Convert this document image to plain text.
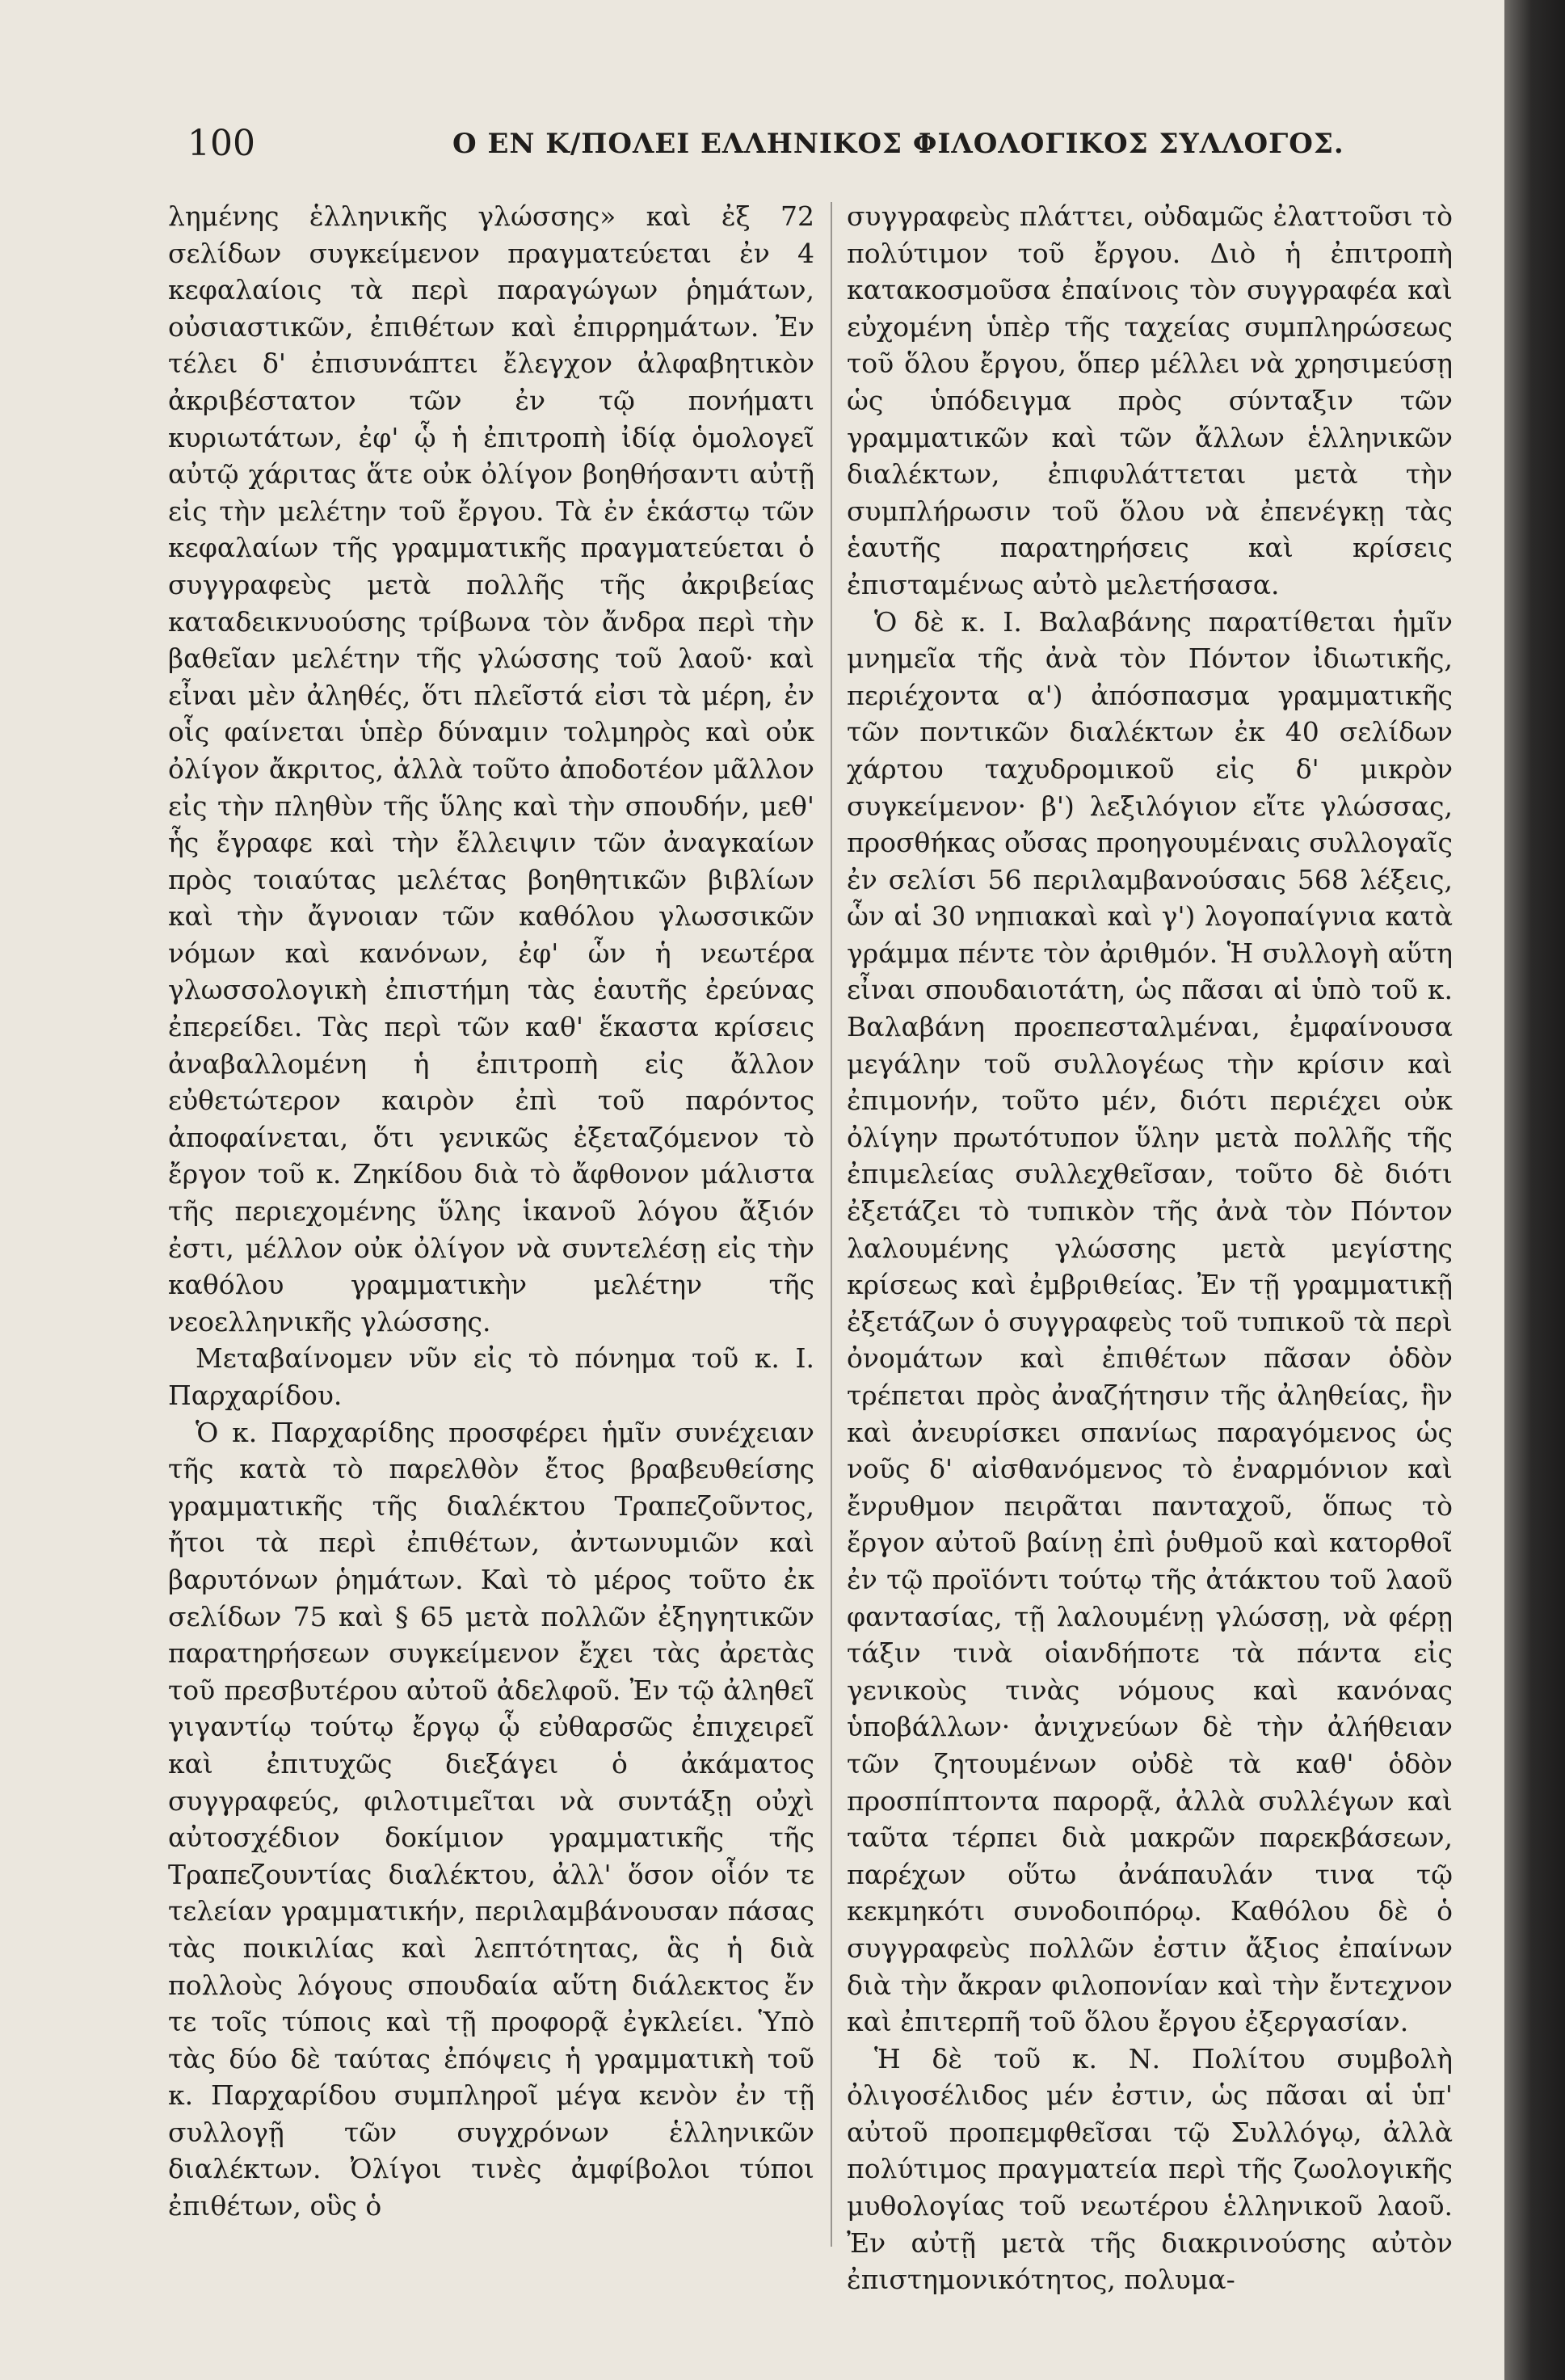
100	Ο ΕΝ Κ/ΠΟΛΕΙ ΕΛΛΗΝΙΚΟΣ ΦΙΛΟΛΟΓΙΚΟΣ ΣΥΛΛΟΓΟΣ.

λημένης ἑλληνικῆς γλώσσης» καὶ ἐξ 72 σελίδων συγκείμενον πραγματεύεται ἐν 4 κεφαλαίοις τὰ περὶ παραγώγων ῥημάτων, οὐσιαστικῶν, ἐπιθέτων καὶ ἐπιρρημάτων. Ἐν τέλει δ' ἐπισυνάπτει ἔλεγχον ἀλφαβητικὸν ἀκριβέστατον τῶν ἐν τῷ πονήματι κυριωτάτων, ἐφ' ᾧ ἡ ἐπιτροπὴ ἰδίᾳ ὁμολογεῖ αὐτῷ χάριτας ἅτε οὐκ ὀλίγον βοηθήσαντι αὐτῇ εἰς τὴν μελέτην τοῦ ἔργου. Τὰ ἐν ἑκάστῳ τῶν κεφαλαίων τῆς γραμματικῆς πραγματεύεται ὁ συγγραφεὺς μετὰ πολλῆς τῆς ἀκριβείας καταδεικνυούσης τρίβωνα τὸν ἄνδρα περὶ τὴν βαθεῖαν μελέτην τῆς γλώσσης τοῦ λαοῦ· καὶ εἶναι μὲν ἀληθές, ὅτι πλεῖστά εἰσι τὰ μέρη, ἐν οἷς φαίνεται ὑπὲρ δύναμιν τολμηρὸς καὶ οὐκ ὀλίγον ἄκριτος, ἀλλὰ τοῦτο ἀποδοτέον μᾶλλον εἰς τὴν πληθὺν τῆς ὕλης καὶ τὴν σπουδήν, μεθ' ἧς ἔγραφε καὶ τὴν ἔλλειψιν τῶν ἀναγκαίων πρὸς τοιαύτας μελέτας βοηθητικῶν βιβλίων καὶ τὴν ἄγνοιαν τῶν καθόλου γλωσσικῶν νόμων καὶ κανόνων, ἐφ' ὧν ἡ νεωτέρα γλωσσολογικὴ ἐπιστήμη τὰς ἑαυτῆς ἐρεύνας ἐπερείδει. Τὰς περὶ τῶν καθ' ἕκαστα κρίσεις ἀναβαλλομένη ἡ ἐπιτροπὴ εἰς ἄλλον εὐθετώτερον καιρὸν ἐπὶ τοῦ παρόντος ἀποφαίνεται, ὅτι γενικῶς ἐξεταζόμενον τὸ ἔργον τοῦ κ. Ζηκίδου διὰ τὸ ἄφθονον μάλιστα τῆς περιεχομένης ὕλης ἱκανοῦ λόγου ἄξιόν ἐστι, μέλλον οὐκ ὀλίγον νὰ συντελέσῃ εἰς τὴν καθόλου γραμματικὴν μελέτην τῆς νεοελληνικῆς γλώσσης.

Μεταβαίνομεν νῦν εἰς τὸ πόνημα τοῦ κ. Ι. Παρχαρίδου.

Ὁ κ. Παρχαρίδης προσφέρει ἡμῖν συνέχειαν τῆς κατὰ τὸ παρελθὸν ἔτος βραβευθείσης γραμματικῆς τῆς διαλέκτου Τραπεζοῦντος, ἤτοι τὰ περὶ ἐπιθέτων, ἀντωνυμιῶν καὶ βαρυτόνων ῥημάτων. Καὶ τὸ μέρος τοῦτο ἐκ σελίδων 75 καὶ § 65 μετὰ πολλῶν ἐξηγητικῶν παρατηρήσεων συγκείμενον ἔχει τὰς ἀρετὰς τοῦ πρεσβυτέρου αὐτοῦ ἀδελφοῦ. Ἐν τῷ ἀληθεῖ γιγαντίῳ τούτῳ ἔργῳ ᾧ εὐθαρσῶς ἐπιχειρεῖ καὶ ἐπιτυχῶς διεξάγει ὁ ἀκάματος συγγραφεύς, φιλοτιμεῖται νὰ συντάξῃ οὐχὶ αὐτοσχέδιον δοκίμιον γραμματικῆς τῆς Τραπεζουντίας διαλέκτου, ἀλλ' ὅσον οἷόν τε τελείαν γραμματικήν, περιλαμβάνουσαν πάσας τὰς ποικιλίας καὶ λεπτότητας, ἃς ἡ διὰ πολλοὺς λόγους σπουδαία αὕτη διάλεκτος ἔν τε τοῖς τύποις καὶ τῇ προφορᾷ ἐγκλείει. Ὑπὸ τὰς δύο δὲ ταύτας ἐπόψεις ἡ γραμματικὴ τοῦ κ. Παρχαρίδου συμπληροῖ μέγα κενὸν ἐν τῇ συλλογῇ τῶν συγχρόνων ἑλληνικῶν διαλέκτων. Ὀλίγοι τινὲς ἀμφίβολοι τύποι ἐπιθέτων, οὓς ὁ

συγγραφεὺς πλάττει, οὐδαμῶς ἐλαττοῦσι τὸ πολύτιμον τοῦ ἔργου. Διὸ ἡ ἐπιτροπὴ κατακοσμοῦσα ἐπαίνοις τὸν συγγραφέα καὶ εὐχομένη ὑπὲρ τῆς ταχείας συμπληρώσεως τοῦ ὅλου ἔργου, ὅπερ μέλλει νὰ χρησιμεύσῃ ὡς ὑπόδειγμα πρὸς σύνταξιν τῶν γραμματικῶν καὶ τῶν ἄλλων ἑλληνικῶν διαλέκτων, ἐπιφυλάττεται μετὰ τὴν συμπλήρωσιν τοῦ ὅλου νὰ ἐπενέγκῃ τὰς ἑαυτῆς παρατηρήσεις καὶ κρίσεις ἐπισταμένως αὐτὸ μελετήσασα.

Ὁ δὲ κ. Ι. Βαλαβάνης παρατίθεται ἡμῖν μνημεῖα τῆς ἀνὰ τὸν Πόντον ἰδιωτικῆς, περιέχοντα α') ἀπόσπασμα γραμματικῆς τῶν ποντικῶν διαλέκτων ἐκ 40 σελίδων χάρτου ταχυδρομικοῦ εἰς δ' μικρὸν συγκείμενον· β') λεξιλόγιον εἴτε γλώσσας, προσθήκας οὔσας προηγουμέναις συλλογαῖς ἐν σελίσι 56 περιλαμβανούσαις 568 λέξεις, ὧν αἱ 30 νηπιακαὶ καὶ γ') λογοπαίγνια κατὰ γράμμα πέντε τὸν ἀριθμόν. Ἡ συλλογὴ αὕτη εἶναι σπουδαιοτάτη, ὡς πᾶσαι αἱ ὑπὸ τοῦ κ. Βαλαβάνη προεπεσταλμέναι, ἐμφαίνουσα μεγάλην τοῦ συλλογέως τὴν κρίσιν καὶ ἐπιμονήν, τοῦτο μέν, διότι περιέχει οὐκ ὀλίγην πρωτότυπον ὕλην μετὰ πολλῆς τῆς ἐπιμελείας συλλεχθεῖσαν, τοῦτο δὲ διότι ἐξετάζει τὸ τυπικὸν τῆς ἀνὰ τὸν Πόντον λαλουμένης γλώσσης μετὰ μεγίστης κρίσεως καὶ ἐμβριθείας. Ἐν τῇ γραμματικῇ ἐξετάζων ὁ συγγραφεὺς τοῦ τυπικοῦ τὰ περὶ ὀνομάτων καὶ ἐπιθέτων πᾶσαν ὁδὸν τρέπεται πρὸς ἀναζήτησιν τῆς ἀληθείας, ἣν καὶ ἀνευρίσκει σπανίως παραγόμενος ὡς νοῦς δ' αἰσθανόμενος τὸ ἐναρμόνιον καὶ ἔνρυθμον πειρᾶται πανταχοῦ, ὅπως τὸ ἔργον αὐτοῦ βαίνῃ ἐπὶ ῥυθμοῦ καὶ κατορθοῖ ἐν τῷ προϊόντι τούτῳ τῆς ἀτάκτου τοῦ λαοῦ φαντασίας, τῇ λαλουμένῃ γλώσσῃ, νὰ φέρῃ τάξιν τινὰ οἱανδήποτε τὰ πάντα εἰς γενικοὺς τινὰς νόμους καὶ κανόνας ὑποβάλλων· ἀνιχνεύων δὲ τὴν ἀλήθειαν τῶν ζητουμένων οὐδὲ τὰ καθ' ὁδὸν προσπίπτοντα παρορᾷ, ἀλλὰ συλλέγων καὶ ταῦτα τέρπει διὰ μακρῶν παρεκβάσεων, παρέχων οὕτω ἀνάπαυλάν τινα τῷ κεκμηκότι συνοδοιπόρῳ. Καθόλου δὲ ὁ συγγραφεὺς πολλῶν ἐστιν ἄξιος ἐπαίνων διὰ τὴν ἄκραν φιλοπονίαν καὶ τὴν ἔντεχνον καὶ ἐπιτερπῆ τοῦ ὅλου ἔργου ἐξεργασίαν.

Ἡ δὲ τοῦ κ. Ν. Πολίτου συμβολὴ ὀλιγοσέλιδος μέν ἐστιν, ὡς πᾶσαι αἱ ὑπ' αὐτοῦ προπεμφθεῖσαι τῷ Συλλόγῳ, ἀλλὰ πολύτιμος πραγματεία περὶ τῆς ζωολογικῆς μυθολογίας τοῦ νεωτέρου ἑλληνικοῦ λαοῦ. Ἐν αὐτῇ μετὰ τῆς διακρινούσης αὐτὸν ἐπιστημονικότητος, πολυμα-
